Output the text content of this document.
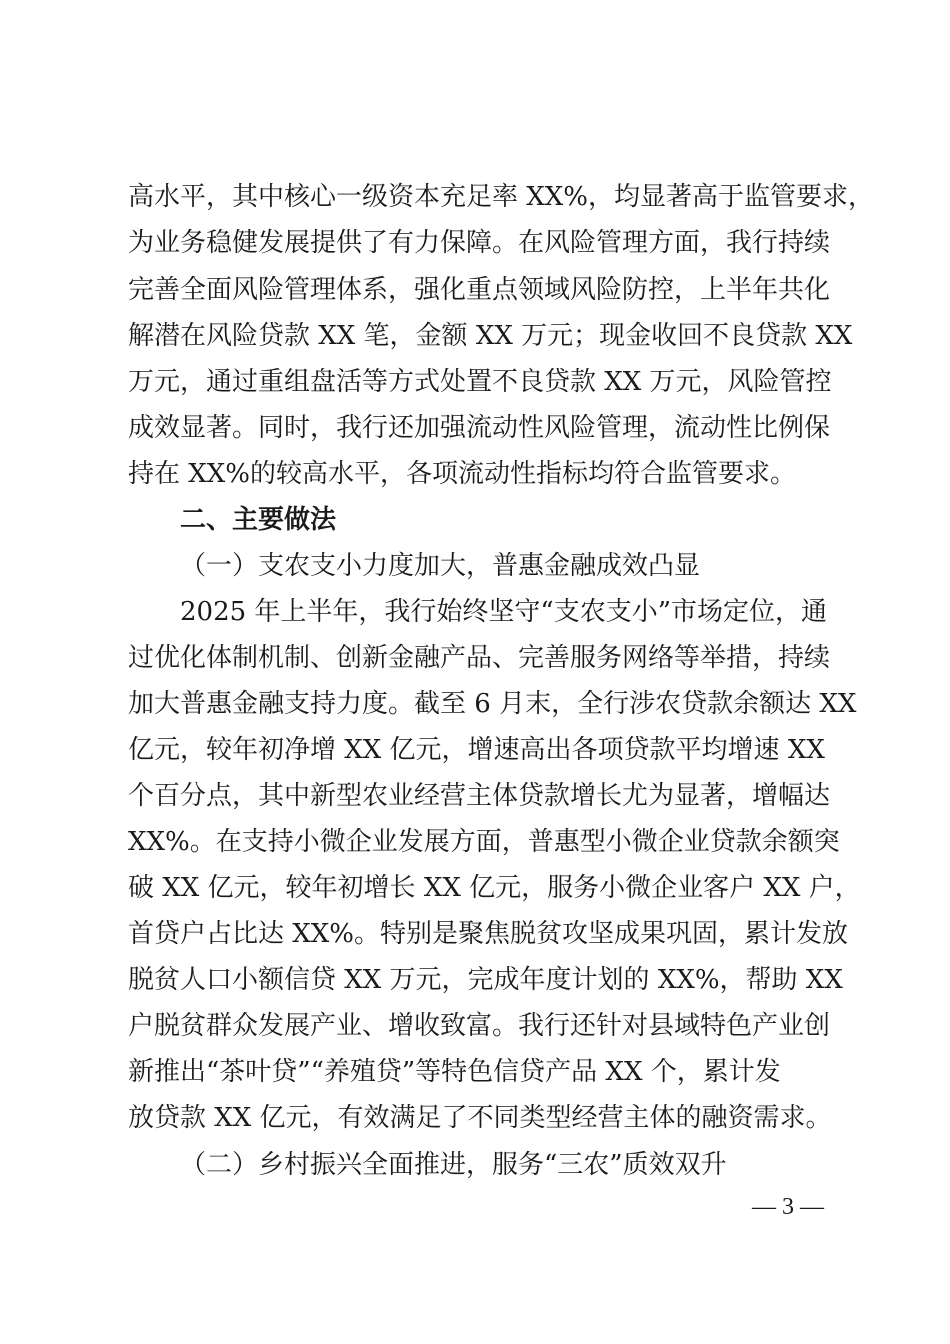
高水平，其中核心一级资本充足率 XX%，均显著高于监管要求，
为业务稳健发展提供了有力保障。在风险管理方面，我行持续
完善全面风险管理体系，强化重点领域风险防控，上半年共化
解潜在风险贷款 XX 笔，金额 XX 万元；现金收回不良贷款 XX
万元，通过重组盘活等方式处置不良贷款 XX 万元，风险管控
成效显著。同时，我行还加强流动性风险管理，流动性比例保
持在 XX%的较高水平，各项流动性指标均符合监管要求。
二、主要做法
（一）支农支小力度加大，普惠金融成效凸显
2025 年上半年，我行始终坚守“支农支小”市场定位，通
过优化体制机制、创新金融产品、完善服务网络等举措，持续
加大普惠金融支持力度。截至 6 月末，全行涉农贷款余额达 XX
亿元，较年初净增 XX 亿元，增速高出各项贷款平均增速 XX
个百分点，其中新型农业经营主体贷款增长尤为显著，增幅达
XX%。在支持小微企业发展方面，普惠型小微企业贷款余额突
破 XX 亿元，较年初增长 XX 亿元，服务小微企业客户 XX 户，
首贷户占比达 XX%。特别是聚焦脱贫攻坚成果巩固，累计发放
脱贫人口小额信贷 XX 万元，完成年度计划的 XX%，帮助 XX
户脱贫群众发展产业、增收致富。我行还针对县域特色产业创
新推出“茶叶贷”“养殖贷”等特色信贷产品 XX 个，累计发
放贷款 XX 亿元，有效满足了不同类型经营主体的融资需求。
（二）乡村振兴全面推进，服务“三农”质效双升
— 3 —
